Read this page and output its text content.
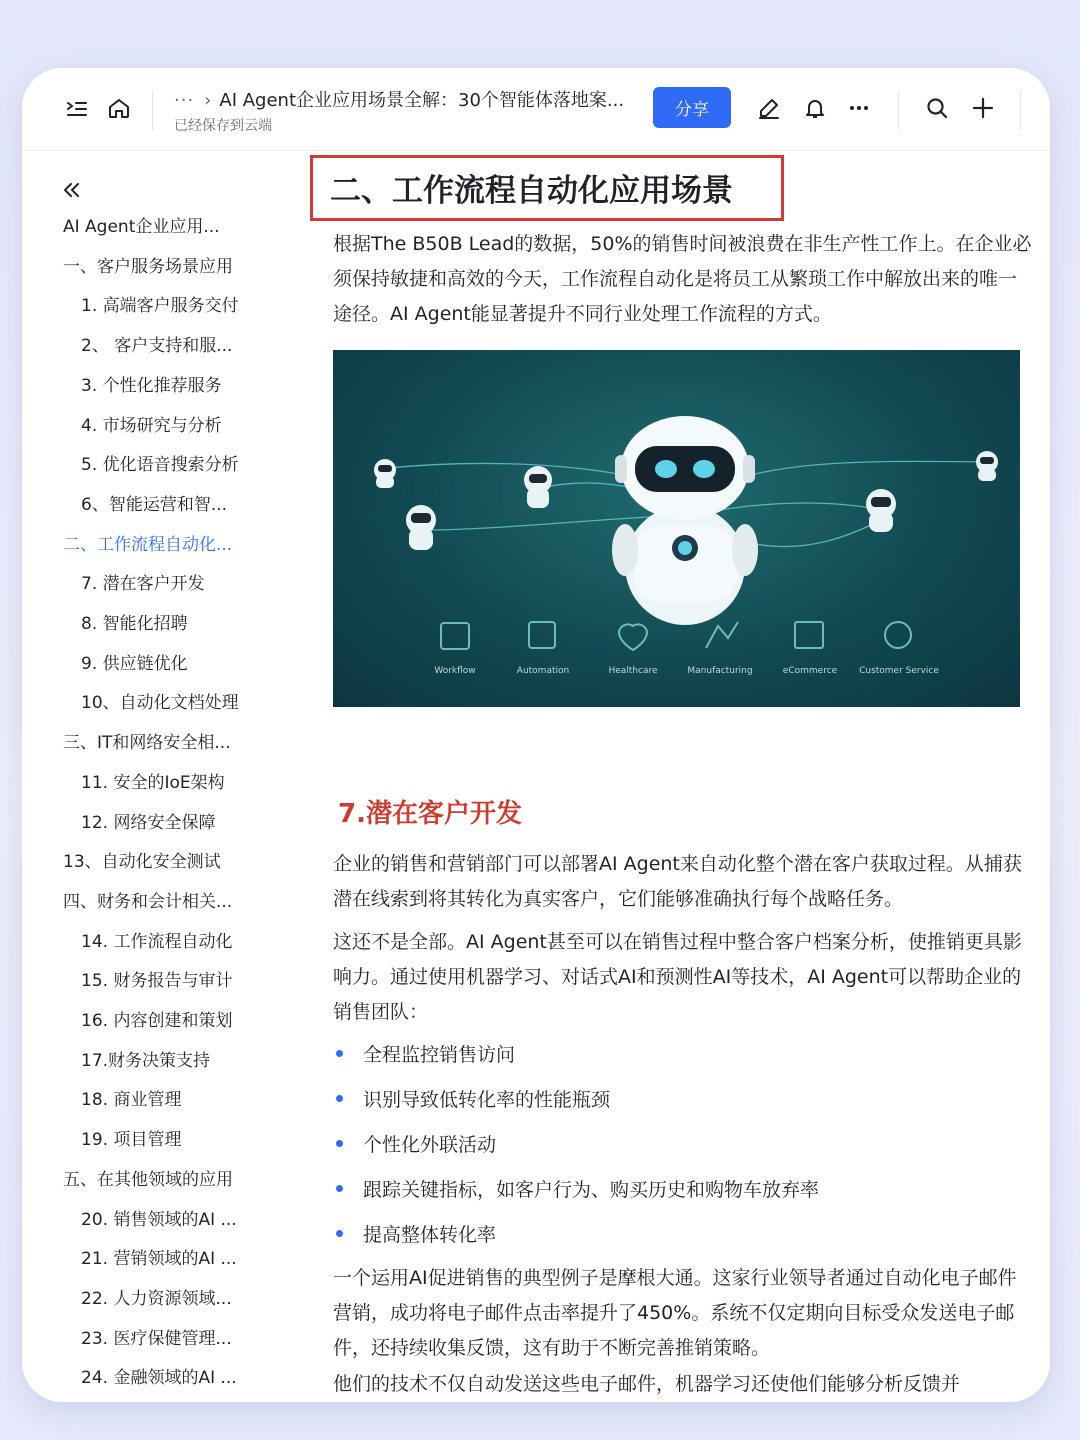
··· › AI Agent企业应用场景全解：30个智能体落地案...
已经保存到云端
分享
AI Agent企业应用...
一、客户服务场景应用
1. 高端客户服务交付
2、 客户支持和服...
3. 个性化推荐服务
4. 市场研究与分析
5. 优化语音搜索分析
6、智能运营和智...
二、工作流程自动化...
7. 潜在客户开发
8. 智能化招聘
9. 供应链优化
10、自动化文档处理
三、IT和网络安全相...
11. 安全的IoE架构
12. 网络安全保障
13、自动化安全测试
四、财务和会计相关...
14. 工作流程自动化
15. 财务报告与审计
16. 内容创建和策划
17.财务决策支持
18. 商业管理
19. 项目管理
五、在其他领域的应用
20. 销售领域的AI ...
21. 营销领域的AI ...
22. 人力资源领域...
23. 医疗保健管理...
24. 金融领域的AI ...
二、工作流程自动化应用场景
根据The B50B Lead的数据，50%的销售时间被浪费在非生产性工作上。在企业必须保持敏捷和高效的今天，工作流程自动化是将员工从繁琐工作中解放出来的唯一途径。AI Agent能显著提升不同行业处理工作流程的方式。
Workflow	Automation	Healthcare	Manufacturing	eCommerce Customer Service
7.潜在客户开发
企业的销售和营销部门可以部署AI Agent来自动化整个潜在客户获取过程。从捕获潜在线索到将其转化为真实客户，它们能够准确执行每个战略任务。
这还不是全部。AI Agent甚至可以在销售过程中整合客户档案分析，使推销更具影响力。通过使用机器学习、对话式AI和预测性AI等技术，AI Agent可以帮助企业的销售团队：
全程监控销售访问
识别导致低转化率的性能瓶颈
个性化外联活动
跟踪关键指标，如客户行为、购买历史和购物车放弃率
提高整体转化率
一个运用AI促进销售的典型例子是摩根大通。这家行业领导者通过自动化电子邮件营销，成功将电子邮件点击率提升了450%。系统不仅定期向目标受众发送电子邮件，还持续收集反馈，这有助于不断完善推销策略。
他们的技术不仅自动发送这些电子邮件，机器学习还使他们能够分析反馈并
